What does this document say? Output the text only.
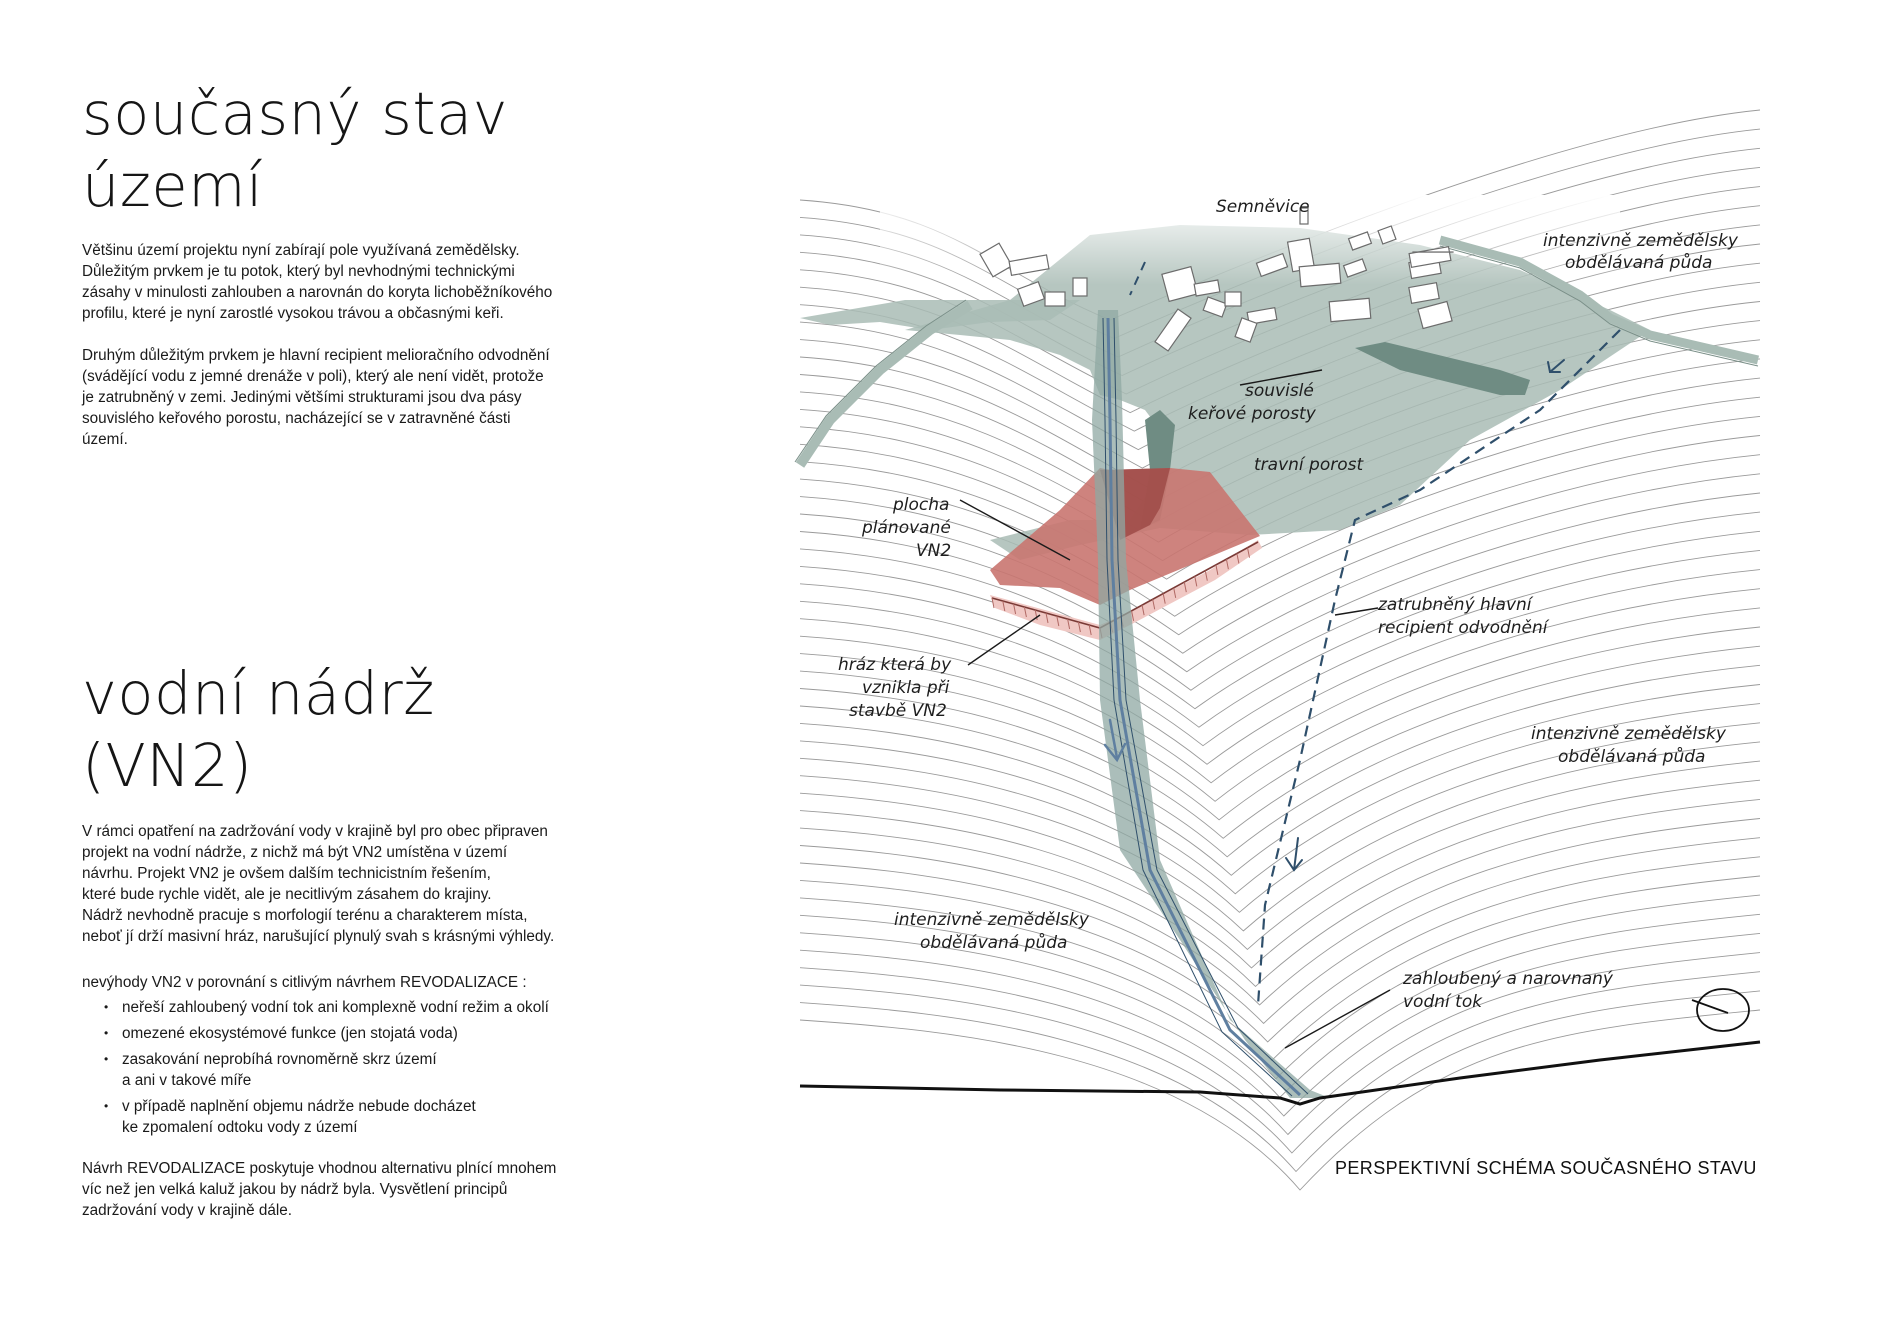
současný stav
území

Většinu území projektu nyní zabírají pole využívaná zemědělsky.
Důležitým prvkem je tu potok, který byl nevhodnými technickými
zásahy v minulosti zahlouben a narovnán do koryta lichoběžníkového
profilu, které je nyní zarostlé vysokou trávou a občasnými keři.

Druhým důležitým prvkem je hlavní recipient melioračního odvodnění
(svádějící vodu z jemné drenáže v poli), který ale není vidět, protože
je zatrubněný v zemi. Jedinými většími strukturami jsou dva pásy
souvislého keřového porostu, nacházející se v zatravněné části
území.

vodní nádrž
(VN2)

V rámci opatření na zadržování vody v krajině byl pro obec připraven
projekt na vodní nádrže, z nichž má být VN2 umístěna v území
návrhu. Projekt VN2 je ovšem dalším technicistním řešením,
které bude rychle vidět, ale je necitlivým zásahem do krajiny.
Nádrž nevhodně pracuje s morfologií terénu a charakterem místa,
neboť jí drží masivní hráz, narušující plynulý svah s krásnými výhledy.

nevýhody VN2 v porovnání s citlivým návrhem REVODALIZACE :

• neřeší zahloubený vodní tok ani komplexně vodní režim a okolí
• omezené ekosystémové funkce (jen stojatá voda)
• zasakování neprobíhá rovnoměrně skrz území
a ani v takové míře
• v případě naplnění objemu nádrže nebude docházet
ke zpomalení odtoku vody z území

Návrh REVODALIZACE poskytuje vhodnou alternativu plnící mnohem
víc než jen velká kaluž jakou by nádrž byla. Vysvětlení principů
zadržování vody v krajině dále.

PERSPEKTIVNÍ SCHÉMA SOUČASNÉHO STAVU
Semněvice
intenzivně zemědělsky
obdělávaná půda
souvislé
keřové porosty
travní porost
plocha
plánované
VN2
zatrubněný hlavní
recipient odvodnění
hráz která by
vznikla při
stavbě VN2
intenzivně zemědělsky
obdělávaná půda
intenzivně zemědělsky
obdělávaná půda
zahloubený a narovnaný
vodní tok
